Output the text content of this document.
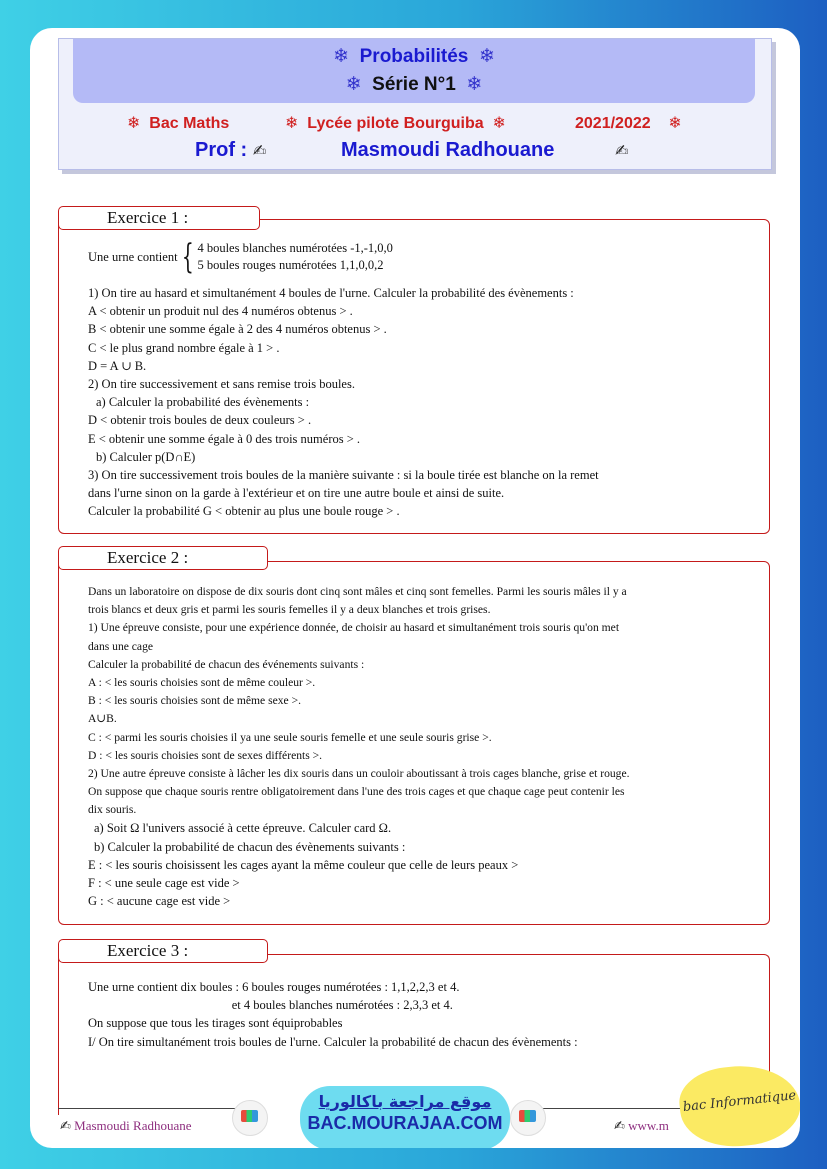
❄ Probabilités ❄
❄ Série N°1 ❄
❄ Bac Maths	❄ Lycée pilote Bourguiba ❄	2021/2022 ❄
Prof : ✍	Masmoudi Radhouane	✍
Exercice 1 :
Une urne contient { 4 boules blanches numérotées -1,-1,0,0
5 boules rouges numérotées 1,1,0,0,2
1) On tire au hasard et simultanément 4 boules de l'urne. Calculer la probabilité des évènements :
A < obtenir un produit nul des 4 numéros obtenus > .
B < obtenir une somme égale à 2 des 4 numéros obtenus > .
C < le plus grand nombre égale à 1 > .
D = A ∪ B.
2) On tire successivement et sans remise trois boules.
a) Calculer la probabilité des évènements :
D < obtenir trois boules de deux couleurs > .
E < obtenir une somme égale à 0 des trois numéros > .
b) Calculer p(D∩E)
3) On tire successivement trois boules de la manière suivante : si la boule tirée est blanche on la remet
dans l'urne sinon on la garde à l'extérieur et on tire une autre boule et ainsi de suite.
Calculer la probabilité G < obtenir au plus une boule rouge > .
Exercice 2 :
Dans un laboratoire on dispose de dix souris dont cinq sont mâles et cinq sont femelles. Parmi les souris mâles il y a
trois blancs et deux gris et parmi les souris femelles il y a deux blanches et trois grises.
1) Une épreuve consiste, pour une expérience donnée, de choisir au hasard et simultanément trois souris qu'on met
dans une cage
Calculer la probabilité de chacun des événements suivants :
A : < les souris choisies sont de même couleur >.
B : < les souris choisies sont de même sexe >.
A∪B.
C : < parmi les souris choisies il ya une seule souris femelle et une seule souris grise >.
D : < les souris choisies sont de sexes différents >.
2) Une autre épreuve consiste à lâcher les dix souris dans un couloir aboutissant à trois cages blanche, grise et rouge.
On suppose que chaque souris rentre obligatoirement dans l'une des trois cages et que chaque cage peut contenir les
dix souris.
a) Soit Ω l'univers associé à cette épreuve. Calculer card Ω.
b) Calculer la probabilité de chacun des évènements suivants :
E : < les souris choisissent les cages ayant la même couleur que celle de leurs peaux >
F : < une seule cage est vide >
G : < aucune cage est vide >
Exercice 3 :
Une urne contient dix boules : 6 boules rouges numérotées : 1,1,2,2,3 et 4.
et 4 boules blanches numérotées : 2,3,3 et 4.
On suppose que tous les tirages sont équiprobables
I/ On tire simultanément trois boules de l'urne. Calculer la probabilité de chacun des évènements :
✍ Masmoudi Radhouane	✍ www.m
موقع مراجعة باكالوريا
BAC.MOURAJAA.COM
bac Informatique
